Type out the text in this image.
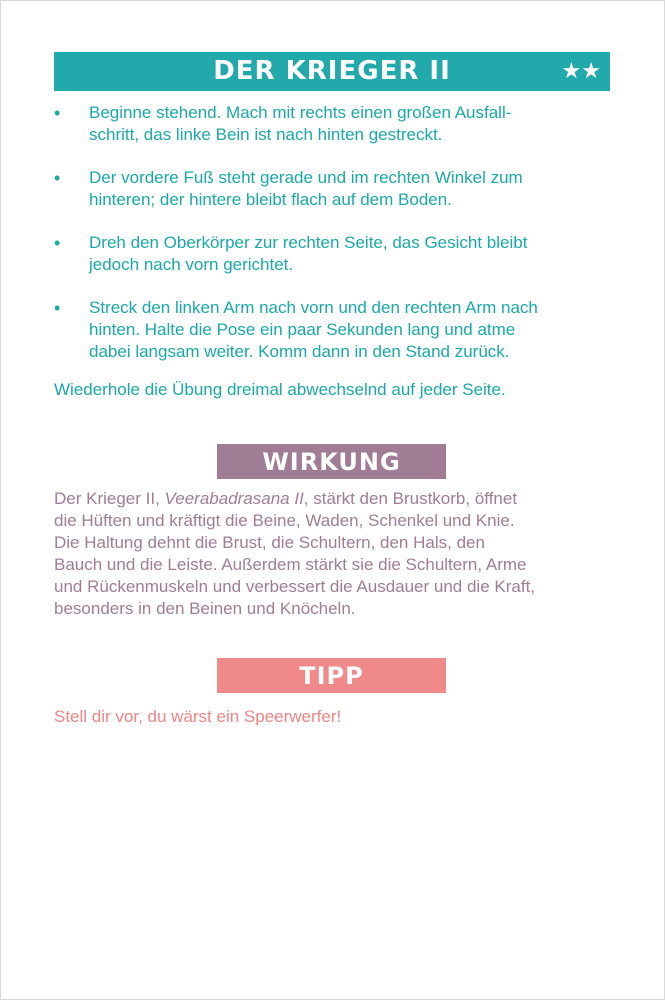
DER KRIEGER II	★★
• Beginne stehend. Mach mit rechts einen großen Ausfall-
schritt, das linke Bein ist nach hinten gestreckt.
• Der vordere Fuß steht gerade und im rechten Winkel zum
hinteren; der hintere bleibt flach auf dem Boden.
• Dreh den Oberkörper zur rechten Seite, das Gesicht bleibt
jedoch nach vorn gerichtet.
• Streck den linken Arm nach vorn und den rechten Arm nach
hinten. Halte die Pose ein paar Sekunden lang und atme
dabei langsam weiter. Komm dann in den Stand zurück.

Wiederhole die Übung dreimal abwechselnd auf jeder Seite.

WIRKUNG

Der Krieger II, Veerabadrasana II, stärkt den Brustkorb, öffnet
die Hüften und kräftigt die Beine, Waden, Schenkel und Knie.
Die Haltung dehnt die Brust, die Schultern, den Hals, den
Bauch und die Leiste. Außerdem stärkt sie die Schultern, Arme
und Rückenmuskeln und verbessert die Ausdauer und die Kraft,
besonders in den Beinen und Knöcheln.

TIPP

Stell dir vor, du wärst ein Speerwerfer!
